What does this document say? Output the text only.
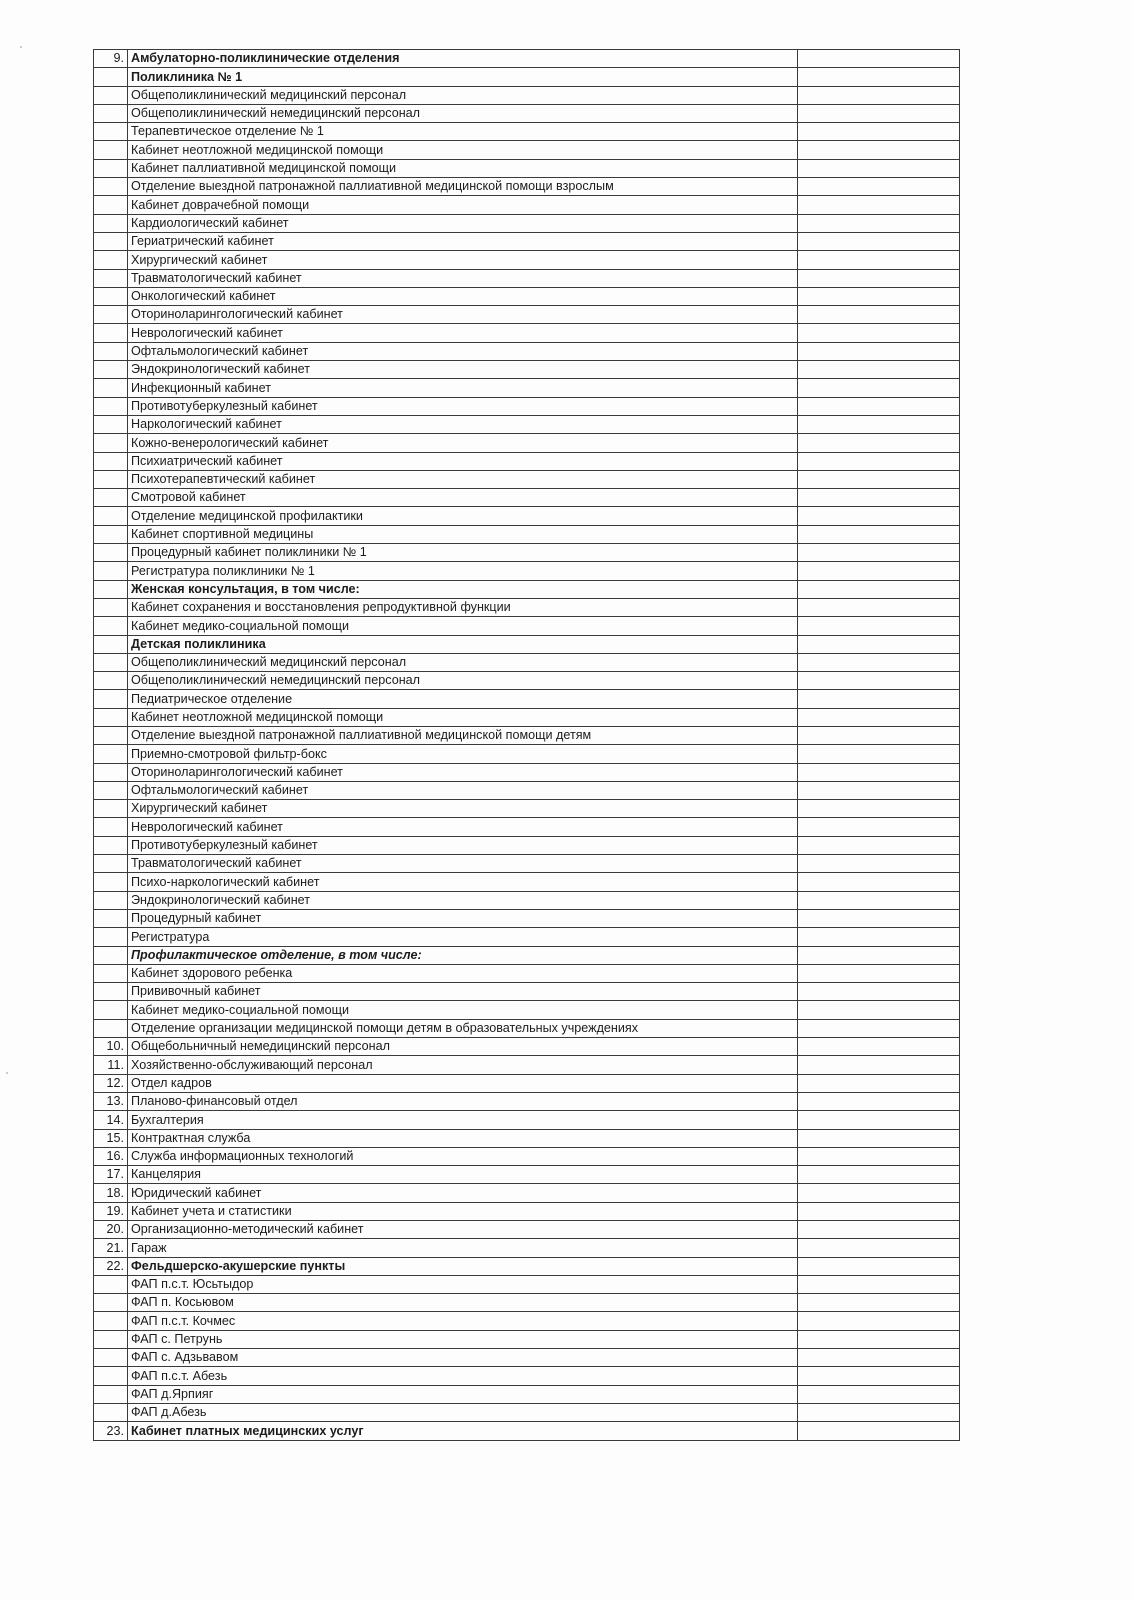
9.	Амбулаторно-поликлинические отделения	
	Поликлиника № 1	
	Общеполиклинический медицинский персонал	
	Общеполиклинический немедицинский персонал	
	Терапевтическое отделение № 1	
	Кабинет неотложной медицинской помощи	
	Кабинет паллиативной медицинской помощи	
	Отделение выездной патронажной паллиативной медицинской помощи взрослым	
	Кабинет доврачебной помощи	
	Кардиологический кабинет	
	Гериатрический кабинет	
	Хирургический кабинет	
	Травматологический кабинет	
	Онкологический кабинет	
	Оториноларингологический кабинет	
	Неврологический кабинет	
	Офтальмологический кабинет	
	Эндокринологический кабинет	
	Инфекционный кабинет	
	Противотуберкулезный кабинет	
	Наркологический кабинет	
	Кожно-венерологический кабинет	
	Психиатрический кабинет	
	Психотерапевтический кабинет	
	Смотровой кабинет	
	Отделение медицинской профилактики	
	Кабинет спортивной медицины	
	Процедурный кабинет поликлиники № 1	
	Регистратура поликлиники № 1	
	Женская консультация, в том числе:	
	Кабинет сохранения и восстановления репродуктивной функции	
	Кабинет медико-социальной помощи	
	Детская поликлиника	
	Общеполиклинический медицинский персонал	
	Общеполиклинический немедицинский персонал	
	Педиатрическое отделение	
	Кабинет неотложной медицинской помощи	
	Отделение выездной патронажной паллиативной медицинской помощи детям	
	Приемно-смотровой фильтр-бокс	
	Оториноларингологический кабинет	
	Офтальмологический кабинет	
	Хирургический кабинет	
	Неврологический кабинет	
	Противотуберкулезный кабинет	
	Травматологический кабинет	
	Психо-наркологический кабинет	
	Эндокринологический кабинет	
	Процедурный кабинет	
	Регистратура	
	Профилактическое отделение, в том числе:	
	Кабинет здорового ребенка	
	Прививочный кабинет	
	Кабинет медико-социальной помощи	
	Отделение организации медицинской помощи детям в образовательных учреждениях	
10.	Общебольничный немедицинский персонал	
11.	Хозяйственно-обслуживающий персонал	
12.	Отдел кадров	
13.	Планово-финансовый отдел	
14.	Бухгалтерия	
15.	Контрактная служба	
16.	Служба информационных технологий	
17.	Канцелярия	
18.	Юридический кабинет	
19.	Кабинет учета и статистики	
20.	Организационно-методический кабинет	
21.	Гараж	
22.	Фельдшерско-акушерские пункты	
	ФАП п.с.т. Юсьтыдор	
	ФАП п. Косьювом	
	ФАП п.с.т. Кочмес	
	ФАП с. Петрунь	
	ФАП с. Адзьвавом	
	ФАП п.с.т. Абезь	
	ФАП д.Ярпияг	
	ФАП д.Абезь	
23.	Кабинет платных медицинских услуг	
